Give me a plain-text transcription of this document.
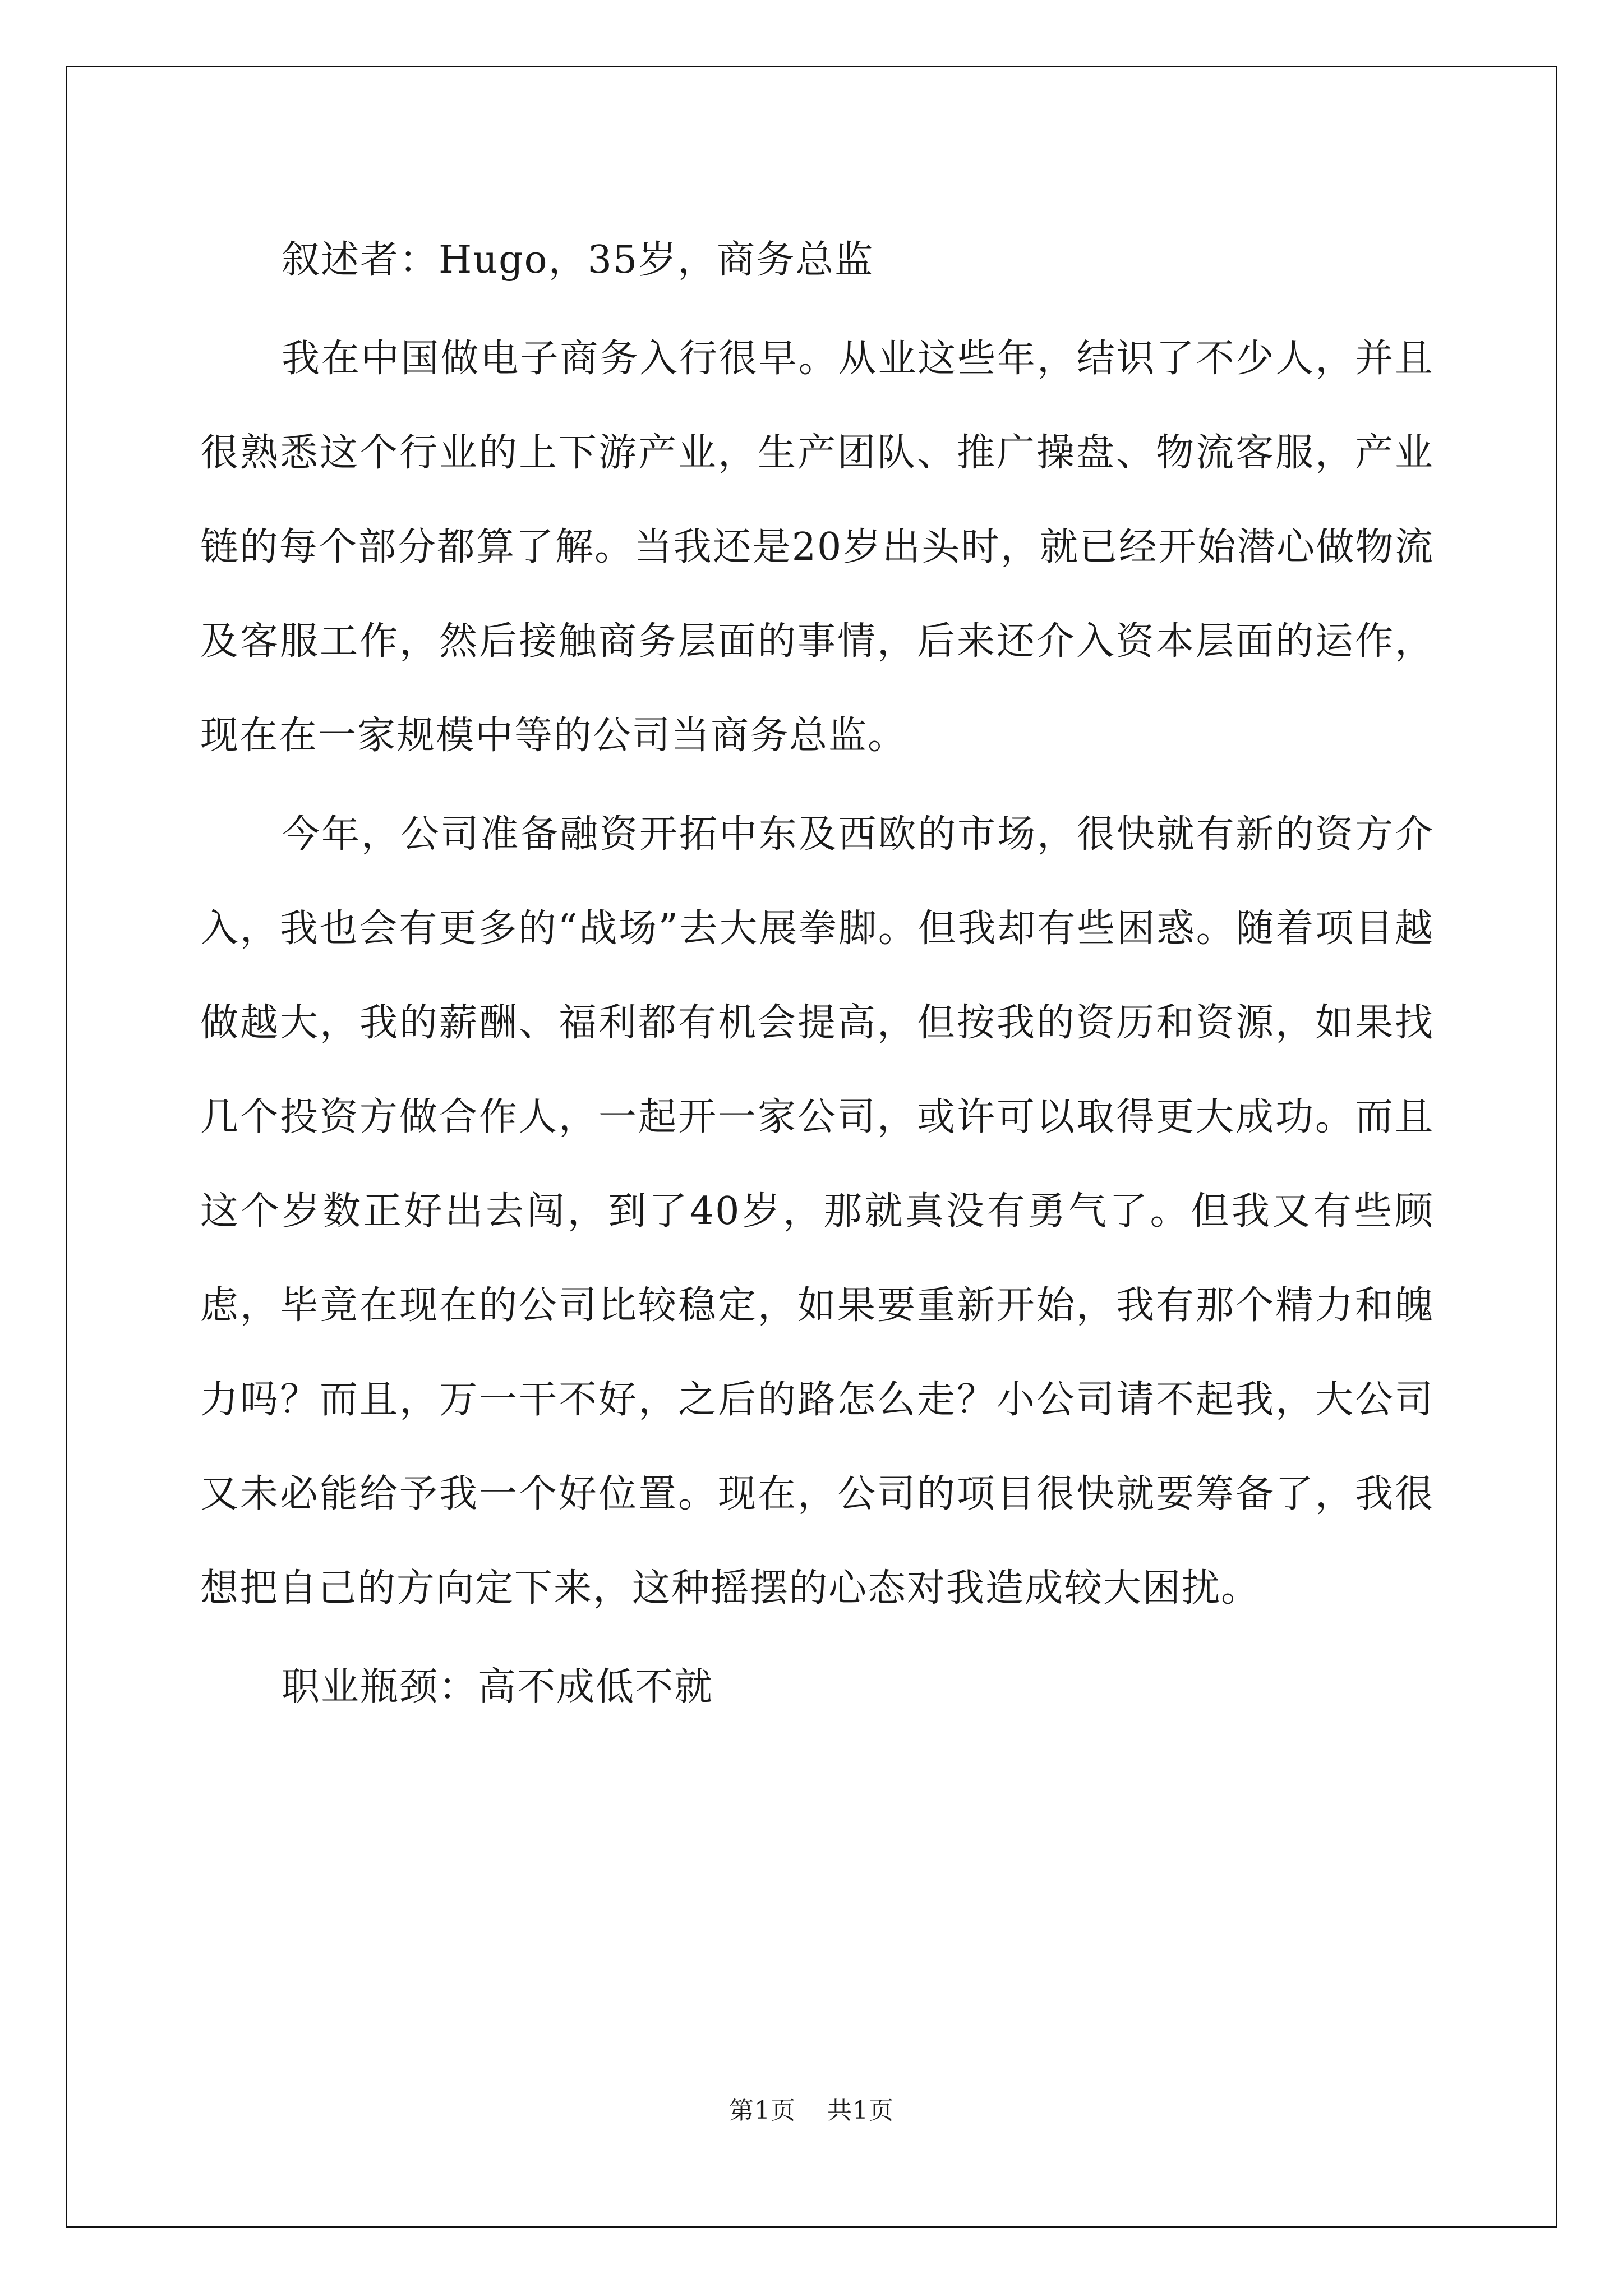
叙述者：Hugo，35岁，商务总监

我在中国做电子商务入行很早。从业这些年，结识了不少人，并且很熟悉这个行业的上下游产业，生产团队、推广操盘、物流客服，产业链的每个部分都算了解。当我还是20岁出头时，就已经开始潜心做物流及客服工作，然后接触商务层面的事情，后来还介入资本层面的运作，现在在一家规模中等的公司当商务总监。

今年，公司准备融资开拓中东及西欧的市场，很快就有新的资方介入，我也会有更多的“战场”去大展拳脚。但我却有些困惑。随着项目越做越大，我的薪酬、福利都有机会提高，但按我的资历和资源，如果找几个投资方做合作人，一起开一家公司，或许可以取得更大成功。而且这个岁数正好出去闯，到了40岁，那就真没有勇气了。但我又有些顾虑，毕竟在现在的公司比较稳定，如果要重新开始，我有那个精力和魄力吗？而且，万一干不好，之后的路怎么走？小公司请不起我，大公司又未必能给予我一个好位置。现在，公司的项目很快就要筹备了，我很想把自己的方向定下来，这种摇摆的心态对我造成较大困扰。

职业瓶颈：高不成低不就

第1页 共1页
